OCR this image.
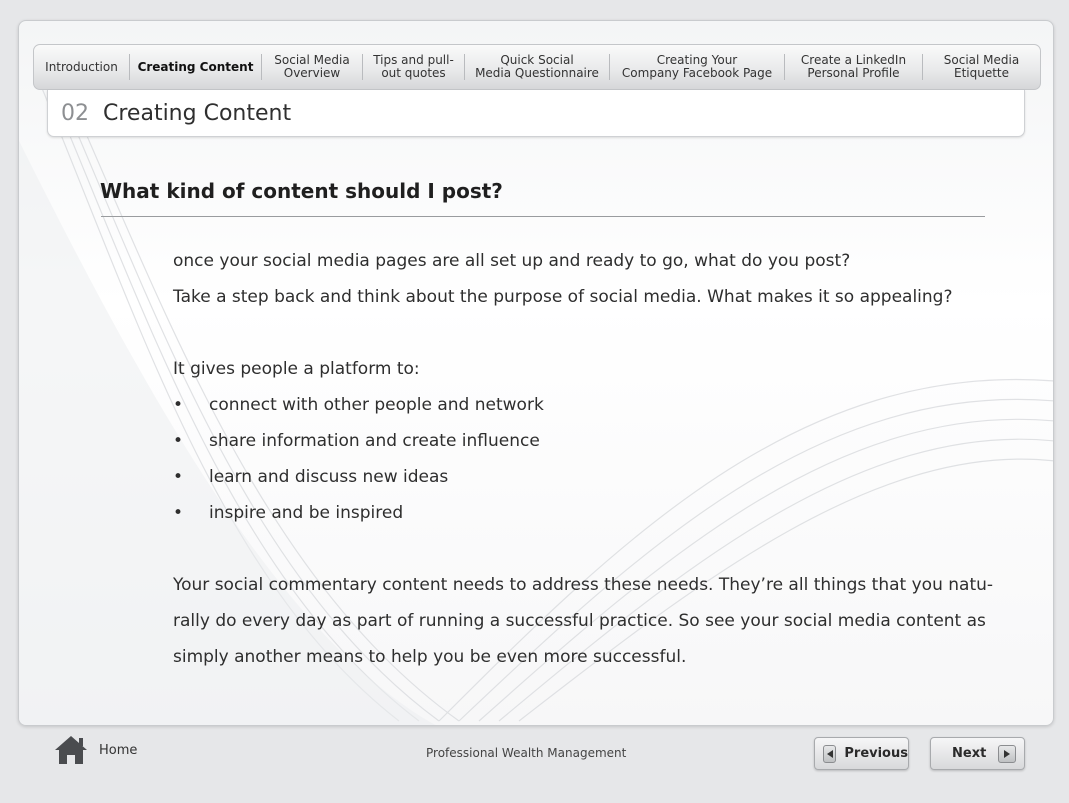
Introduction Creating Content Social Media
Overview
Tips and pull-
out quotes
Quick Social
Media Questionnaire
Creating Your
Company Facebook Page
Create a LinkedIn
Personal Profile
Social Media
Etiquette
02 Creating Content
What kind of content should I post?
once your social media pages are all set up and ready to go, what do you post?
Take a step back and think about the purpose of social media. What makes it so appealing?
It gives people a platform to:
•	connect with other people and network
•	share information and create influence
•	learn and discuss new ideas
•	inspire and be inspired
Your social commentary content needs to address these needs. They’re all things that you natu-
rally do every day as part of running a successful practice. So see your social media content as
simply another means to help you be even more successful.
Home	Professional Wealth Management	Previous	Next
